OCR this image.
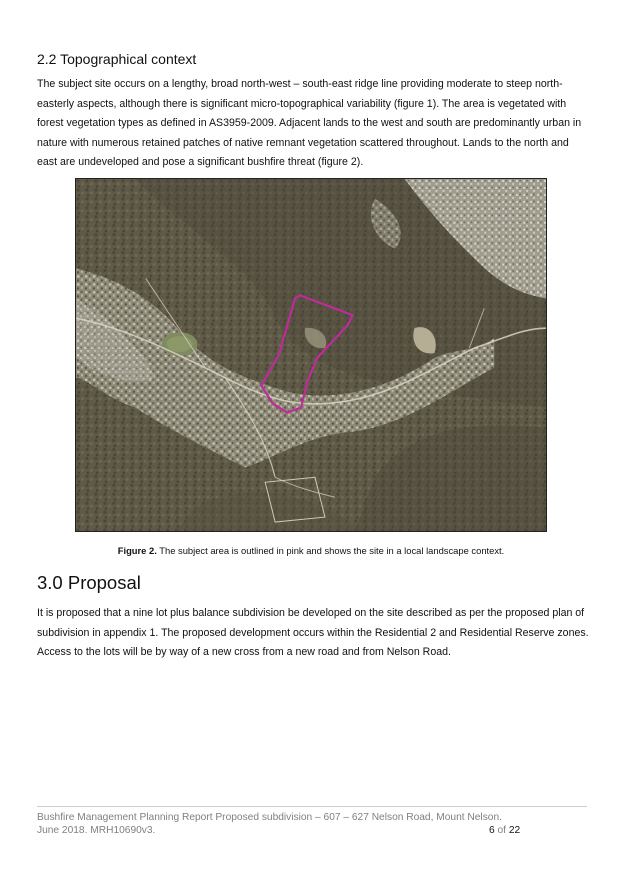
2.2 Topographical context

The subject site occurs on a lengthy, broad north-west – south-east ridge line providing moderate to steep north-easterly aspects, although there is significant micro-topographical variability (figure 1). The area is vegetated with forest vegetation types as defined in AS3959-2009. Adjacent lands to the west and south are predominantly urban in nature with numerous retained patches of native remnant vegetation scattered throughout. Lands to the north and east are undeveloped and pose a significant bushfire threat (figure 2).

Figure 2. The subject area is outlined in pink and shows the site in a local landscape context.

3.0 Proposal

It is proposed that a nine lot plus balance subdivision be developed on the site described as per the proposed plan of subdivision in appendix 1. The proposed development occurs within the Residential 2 and Residential Reserve zones. Access to the lots will be by way of a new cross from a new road and from Nelson Road.

Bushfire Management Planning Report Proposed subdivision – 607 – 627 Nelson Road, Mount Nelson.
June 2018. MRH10690v3.	6 of 22
